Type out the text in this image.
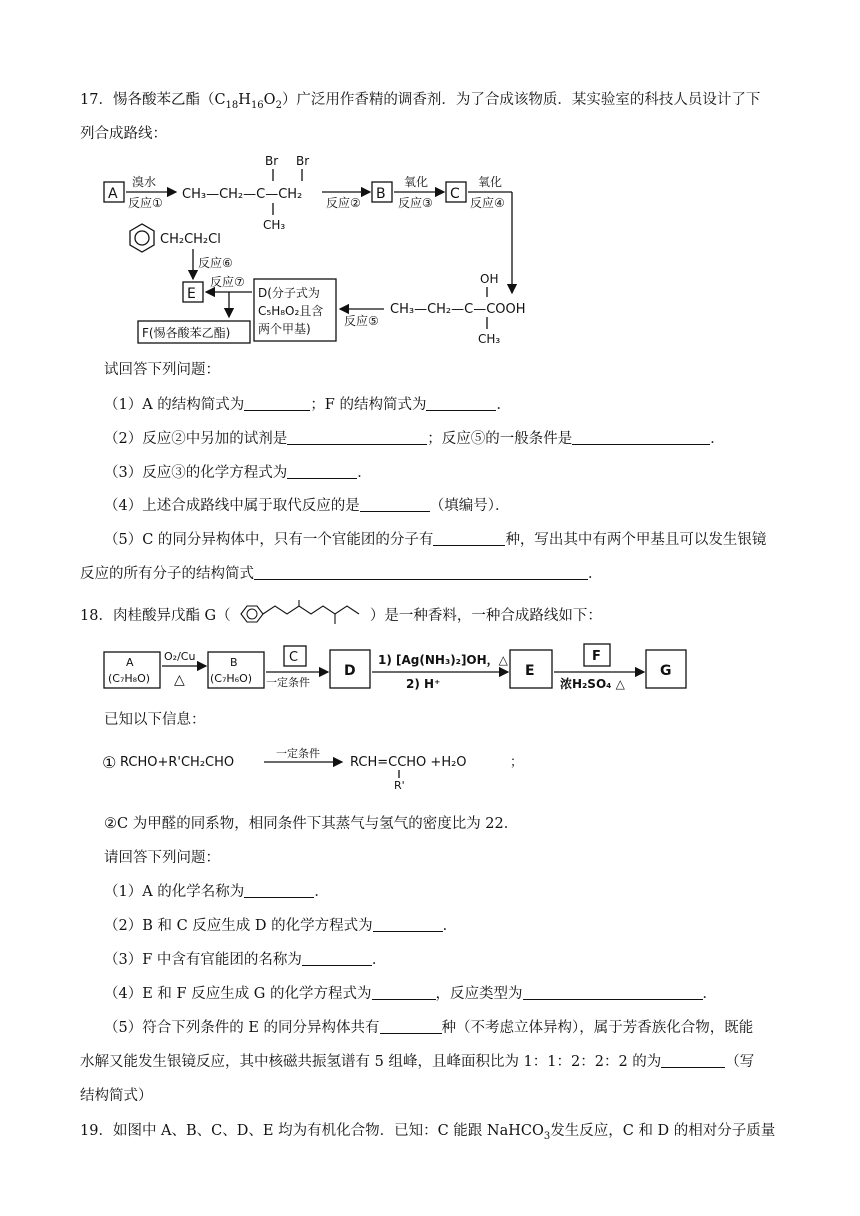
17．惕各酸苯乙酯$(C_{18}H_{16}O_2)$广泛用作香精的调香剂．为了合成该物质．某实验室的科技人员设计了下
列合成路线：
A
溴水
反应①
CH₃—CH₂—C—CH₂
Br Br
CH₃
反应②
B
氧化
反应③
C
氧化
反应④
OH
CH₃—CH₂—C—COOH
CH₃
反应⑤
D(分子式为
C₅H₈O₂且含
两个甲基)
CH₂CH₂Cl
反应⑥
E
反应⑦
F(惕各酸苯乙酯)
试回答下列问题：
（1）A 的结构简式为	；F 的结构简式为	．
（2）反应②中另加的试剂是	；反应⑤的一般条件是	．
（3）反应③的化学方程式为	．
（4）上述合成路线中属于取代反应的是	（填编号）．
（5）C 的同分异构体中，只有一个官能团的分子有	种，写出其中有两个甲基且可以发生银镜
反应的所有分子的结构简式	．
18．肉桂酸异戊酯 G（	）是一种香料，一种合成路线如下：
A
(C₇H₈O)
O₂/Cu
△
B
(C₇H₆O)
C
一定条件
D
1) [Ag(NH₃)₂]OH，△
2) H⁺
E
F
浓H₂SO₄ △
G
已知以下信息：
① RCHO+R'CH₂CHO
一定条件
RCH=CCHO +H₂O
R'
；
②C 为甲醛的同系物，相同条件下其蒸气与氢气的密度比为 22．
请回答下列问题：
（1）A 的化学名称为	．
（2）B 和 C 反应生成 D 的化学方程式为	．
（3）F 中含有官能团的名称为	．
（4）E 和 F 反应生成 G 的化学方程式为	，反应类型为	．
（5）符合下列条件的 E 的同分异构体共有	种（不考虑立体异构），属于芳香族化合物，既能
水解又能发生银镜反应，其中核磁共振氢谱有 5 组峰，且峰面积比为 1：1：2：2：2 的为	（写
结构简式）
19．如图中 A、B、C、D、E 均为有机化合物．已知：C 能跟 NaHCO$_3$发生反应，C 和 D 的相对分子质量
